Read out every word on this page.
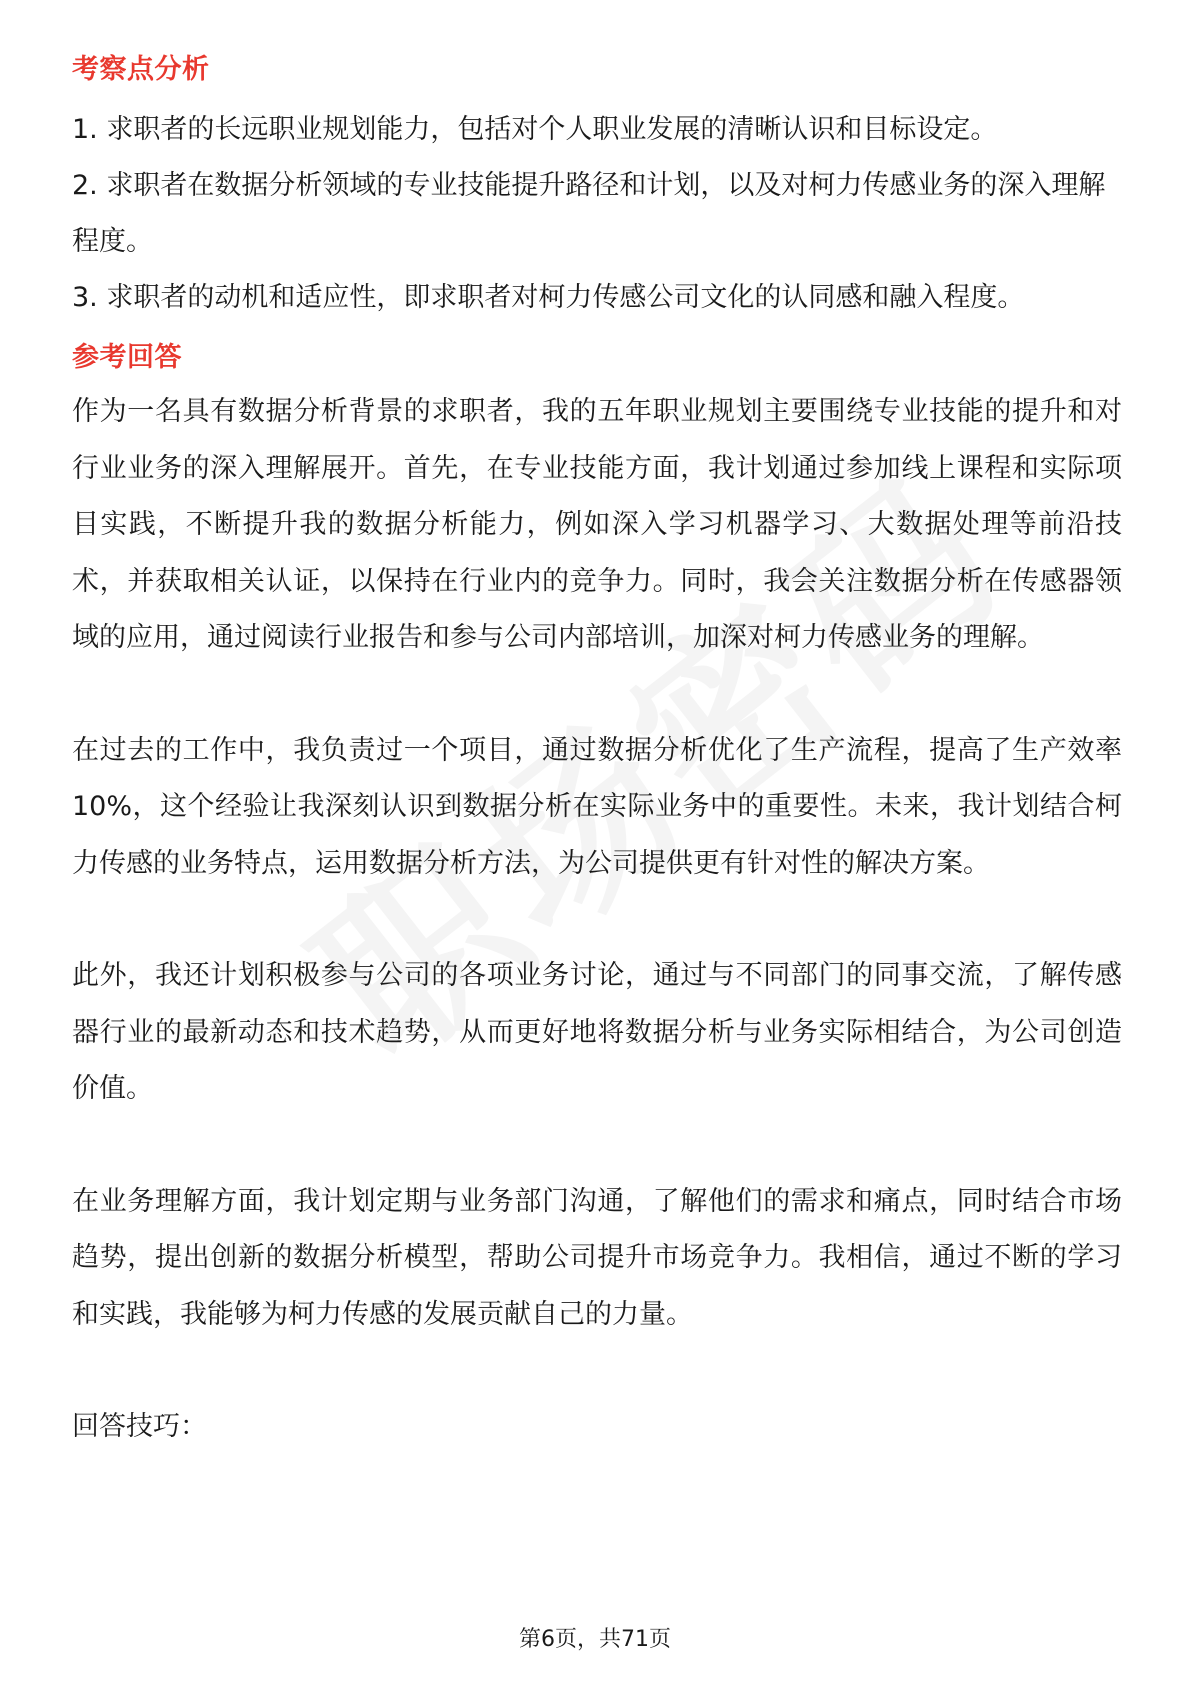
考察点分析

1. 求职者的长远职业规划能力，包括对个人职业发展的清晰认识和目标设定。

2. 求职者在数据分析领域的专业技能提升路径和计划，以及对柯力传感业务的深入理解程度。

3. 求职者的动机和适应性，即求职者对柯力传感公司文化的认同感和融入程度。

参考回答

作为一名具有数据分析背景的求职者，我的五年职业规划主要围绕专业技能的提升和对行业业务的深入理解展开。首先，在专业技能方面，我计划通过参加线上课程和实际项目实践，不断提升我的数据分析能力，例如深入学习机器学习、大数据处理等前沿技术，并获取相关认证，以保持在行业内的竞争力。同时，我会关注数据分析在传感器领域的应用，通过阅读行业报告和参与公司内部培训，加深对柯力传感业务的理解。

在过去的工作中，我负责过一个项目，通过数据分析优化了生产流程，提高了生产效率10%，这个经验让我深刻认识到数据分析在实际业务中的重要性。未来，我计划结合柯力传感的业务特点，运用数据分析方法，为公司提供更有针对性的解决方案。

此外，我还计划积极参与公司的各项业务讨论，通过与不同部门的同事交流，了解传感器行业的最新动态和技术趋势，从而更好地将数据分析与业务实际相结合，为公司创造价值。

在业务理解方面，我计划定期与业务部门沟通，了解他们的需求和痛点，同时结合市场趋势，提出创新的数据分析模型，帮助公司提升市场竞争力。我相信，通过不断的学习和实践，我能够为柯力传感的发展贡献自己的力量。

回答技巧：

第6页，共71页
